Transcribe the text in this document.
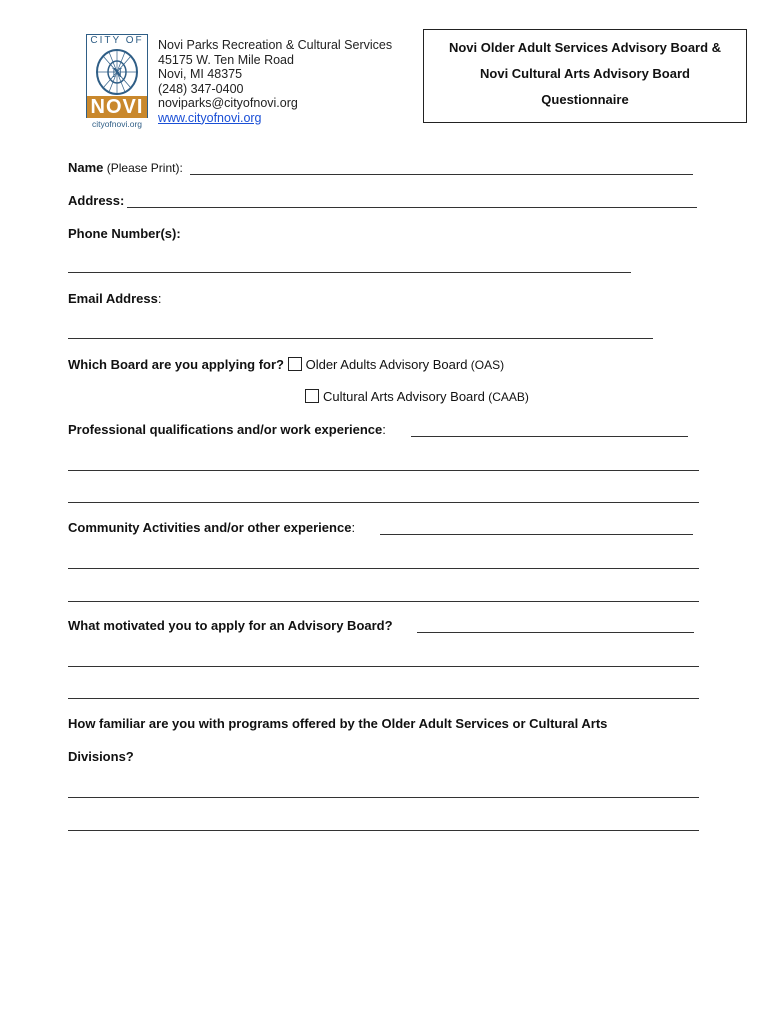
CITY OF
N
NOVI
cityofnovi.org
Novi Parks Recreation & Cultural Services
45175 W. Ten Mile Road
Novi, MI 48375
(248) 347-0400
noviparks@cityofnovi.org
www.cityofnovi.org
Novi Older Adult Services Advisory Board &
Novi Cultural Arts Advisory Board
Questionnaire
Name (Please Print):
Address:
Phone Number(s):
Email Address:
Which Board are you applying for? Older Adults Advisory Board (OAS)
Cultural Arts Advisory Board (CAAB)
Professional qualifications and/or work experience:
Community Activities and/or other experience:
What motivated you to apply for an Advisory Board?
How familiar are you with programs offered by the Older Adult Services or Cultural Arts
Divisions?
